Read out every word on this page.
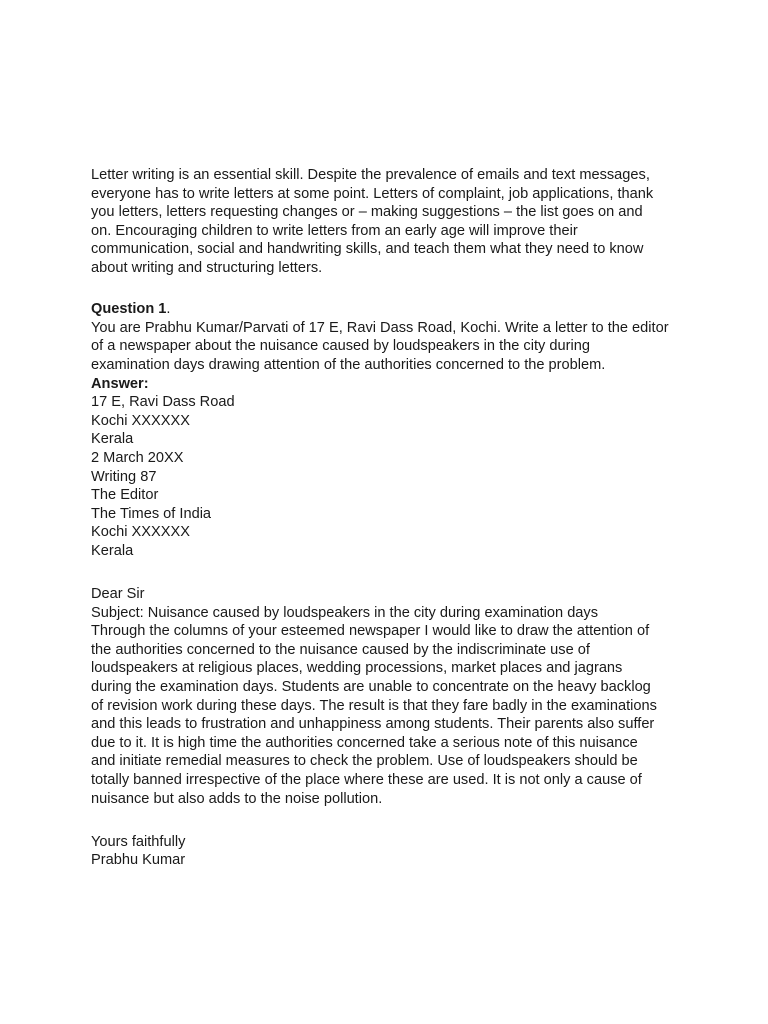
Letter writing is an essential skill. Despite the prevalence of emails and text messages,
everyone has to write letters at some point. Letters of complaint, job applications, thank
you letters, letters requesting changes or – making suggestions – the list goes on and
on. Encouraging children to write letters from an early age will improve their
communication, social and handwriting skills, and teach them what they need to know
about writing and structuring letters.
Question 1.
You are Prabhu Kumar/Parvati of 17 E, Ravi Dass Road, Kochi. Write a letter to the editor
of a newspaper about the nuisance caused by loudspeakers in the city during
examination days drawing attention of the authorities concerned to the problem.
Answer:
17 E, Ravi Dass Road
Kochi XXXXXX
Kerala
2 March 20XX
Writing 87
The Editor
The Times of India
Kochi XXXXXX
Kerala
Dear Sir
Subject: Nuisance caused by loudspeakers in the city during examination days
Through the columns of your esteemed newspaper I would like to draw the attention of
the authorities concerned to the nuisance caused by the indiscriminate use of
loudspeakers at religious places, wedding processions, market places and jagrans
during the examination days. Students are unable to concentrate on the heavy backlog
of revision work during these days. The result is that they fare badly in the examinations
and this leads to frustration and unhappiness among students. Their parents also suffer
due to it. It is high time the authorities concerned take a serious note of this nuisance
and initiate remedial measures to check the problem. Use of loudspeakers should be
totally banned irrespective of the place where these are used. It is not only a cause of
nuisance but also adds to the noise pollution.
Yours faithfully
Prabhu Kumar
